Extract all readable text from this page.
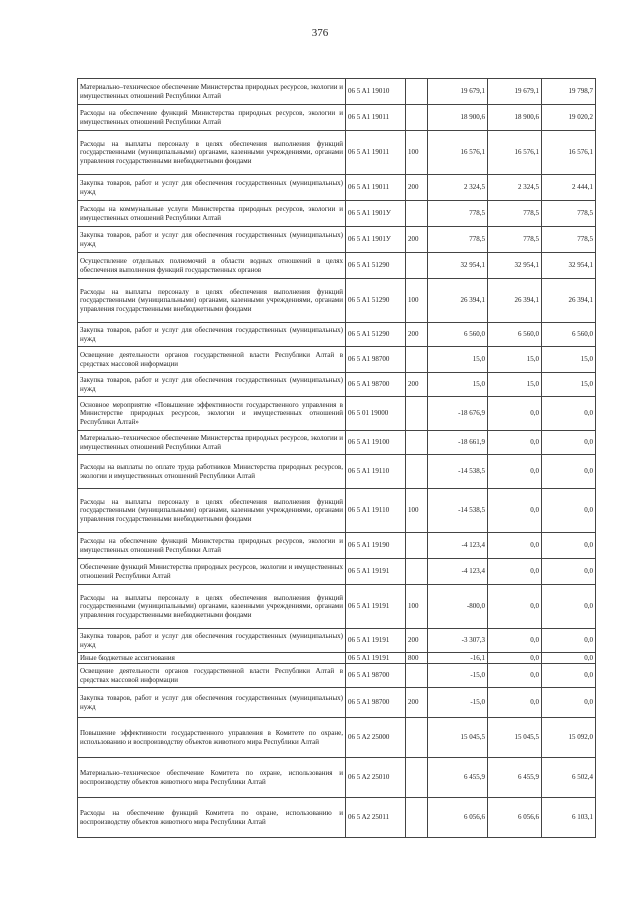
376
Материально–техническое обеспечение Министерства природных ресурсов, экологии и имущественных отношений Республики Алтай	06 5 A1 19010		19 679,1	19 679,1	19 798,7
Расходы на обеспечение функций Министерства природных ресурсов, экологии и имущественных отношений Республики Алтай	06 5 A1 19011		18 900,6	18 900,6	19 020,2
Расходы на выплаты персоналу в целях обеспечения выполнения функций государственными (муниципальными) органами, казенными учреждениями, органами управления государственными внебюджетными фондами	06 5 A1 19011	100	16 576,1	16 576,1	16 576,1
Закупка товаров, работ и услуг для обеспечения государственных (муниципальных) нужд	06 5 A1 19011	200	2 324,5	2 324,5	2 444,1
Расходы на коммунальные услуги Министерства природных ресурсов, экологии и имущественных отношений Республики Алтай	06 5 A1 1901У		778,5	778,5	778,5
Закупка товаров, работ и услуг для обеспечения государственных (муниципальных) нужд	06 5 A1 1901У	200	778,5	778,5	778,5
Осуществление отдельных полномочий в области водных отношений в целях обеспечения выполнения функций государственных органов	06 5 A1 51290		32 954,1	32 954,1	32 954,1
Расходы на выплаты персоналу в целях обеспечения выполнения функций государственными (муниципальными) органами, казенными учреждениями, органами управления государственными внебюджетными фондами	06 5 A1 51290	100	26 394,1	26 394,1	26 394,1
Закупка товаров, работ и услуг для обеспечения государственных (муниципальных) нужд	06 5 A1 51290	200	6 560,0	6 560,0	6 560,0
Освещение деятельности органов государственной власти Республики Алтай в средствах массовой информации	06 5 A1 98700		15,0	15,0	15,0
Закупка товаров, работ и услуг для обеспечения государственных (муниципальных) нужд	06 5 A1 98700	200	15,0	15,0	15,0
Основное мероприятие «Повышение эффективности государственного управления в Министерстве природных ресурсов, экологии и имущественных отношений Республики Алтай»	06 5 01 19000		-18 676,9	0,0	0,0
Материально–техническое обеспечение Министерства природных ресурсов, экологии и имущественных отношений Республики Алтай	06 5 A1 19100		-18 661,9	0,0	0,0
Расходы на выплаты по оплате труда работников Министерства природных ресурсов, экологии и имущественных отношений Республики Алтай	06 5 A1 19110		-14 538,5	0,0	0,0
Расходы на выплаты персоналу в целях обеспечения выполнения функций государственными (муниципальными) органами, казенными учреждениями, органами управления государственными внебюджетными фондами	06 5 A1 19110	100	-14 538,5	0,0	0,0
Расходы на обеспечение функций Министерства природных ресурсов, экологии и имущественных отношений Республики Алтай	06 5 A1 19190		-4 123,4	0,0	0,0
Обеспечение функций Министерства природных ресурсов, экологии и имущественных отношений Республики Алтай	06 5 A1 19191		-4 123,4	0,0	0,0
Расходы на выплаты персоналу в целях обеспечения выполнения функций государственными (муниципальными) органами, казенными учреждениями, органами управления государственными внебюджетными фондами	06 5 A1 19191	100	-800,0	0,0	0,0
Закупка товаров, работ и услуг для обеспечения государственных (муниципальных) нужд	06 5 A1 19191	200	-3 307,3	0,0	0,0
Иные бюджетные ассигнования	06 5 A1 19191	800	-16,1	0,0	0,0
Освещение деятельности органов государственной власти Республики Алтай в средствах массовой информации	06 5 A1 98700		-15,0	0,0	0,0
Закупка товаров, работ и услуг для обеспечения государственных (муниципальных) нужд	06 5 A1 98700	200	-15,0	0,0	0,0
Повышение эффективности государственного управления в Комитете по охране, использованию и воспроизводству объектов животного мира Республики Алтай	06 5 A2 25000		15 045,5	15 045,5	15 092,0
Материально–техническое обеспечение Комитета по охране, использования и воспроизводству объектов животного мира Республики Алтай	06 5 A2 25010		6 455,9	6 455,9	6 502,4
Расходы на обеспечение функций Комитета по охране, использованию и воспроизводству объектов животного мира Республики Алтай	06 5 A2 25011		6 056,6	6 056,6	6 103,1
